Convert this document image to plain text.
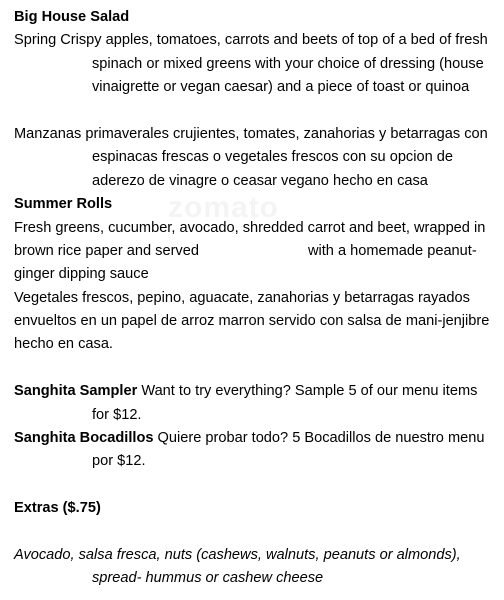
Big House Salad
Spring Crispy apples, tomatoes, carrots and beets of top of a bed of fresh
spinach or mixed greens with your choice of dressing (house
vinaigrette or vegan caesar) and a piece of toast or quinoa
Manzanas primaverales crujientes, tomates, zanahorias y betarragas con
espinacas frescas o vegetales frescos con su opcion de
aderezo de vinagre o ceasar vegano hecho en casa
Summer Rolls
Fresh greens, cucumber, avocado, shredded carrot and beet, wrapped in
brown rice paper and served	with a homemade peanut-
ginger dipping sauce
Vegetales frescos, pepino, aguacate, zanahorias y betarragas rayados
envueltos en un papel de arroz marron servido con salsa de mani-jenjibre
hecho en casa.
Sanghita Sampler Want to try everything? Sample 5 of our menu items
for $12.
Sanghita Bocadillos Quiere probar todo? 5 Bocadillos de nuestro menu
por $12.
Extras ($.75)
Avocado, salsa fresca, nuts (cashews, walnuts, peanuts or almonds),
spread- hummus or cashew cheese
